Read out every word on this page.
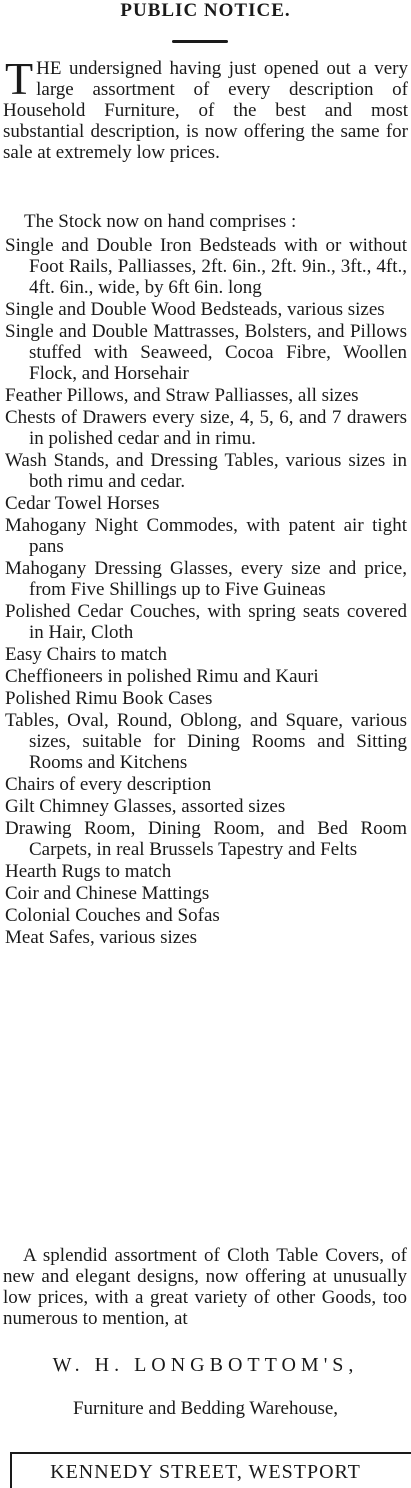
PUBLIC NOTICE.

THE undersigned having just opened out a very large assortment of every description of Household Furniture, of the best and most substantial description, is now offering the same for sale at extremely low prices.

The Stock now on hand comprises :
Single and Double Iron Bedsteads with or without Foot Rails, Palliasses, 2ft. 6in., 2ft. 9in., 3ft., 4ft., 4ft. 6in., wide, by 6ft 6in. long
Single and Double Wood Bedsteads, various sizes
Single and Double Mattrasses, Bolsters, and Pillows stuffed with Seaweed, Cocoa Fibre, Woollen Flock, and Horsehair
Feather Pillows, and Straw Palliasses, all sizes
Chests of Drawers every size, 4, 5, 6, and 7 drawers in polished cedar and in rimu.
Wash Stands, and Dressing Tables, various sizes in both rimu and cedar.
Cedar Towel Horses
Mahogany Night Commodes, with patent air tight pans
Mahogany Dressing Glasses, every size and price, from Five Shillings up to Five Guineas
Polished Cedar Couches, with spring seats covered in Hair, Cloth
Easy Chairs to match
Cheffioneers in polished Rimu and Kauri
Polished Rimu Book Cases
Tables, Oval, Round, Oblong, and Square, various sizes, suitable for Dining Rooms and Sitting Rooms and Kitchens
Chairs of every description
Gilt Chimney Glasses, assorted sizes
Drawing Room, Dining Room, and Bed Room Carpets, in real Brussels Tapestry and Felts
Hearth Rugs to match
Coir and Chinese Mattings
Colonial Couches and Sofas
Meat Safes, various sizes
A splendid assortment of Cloth Table Covers, of new and elegant designs, now offering at unusually low prices, with a great variety of other Goods, too numerous to mention, at
W. H. LONGBOTTOM'S,
Furniture and Bedding Warehouse,
KENNEDY STREET, WESTPORT
